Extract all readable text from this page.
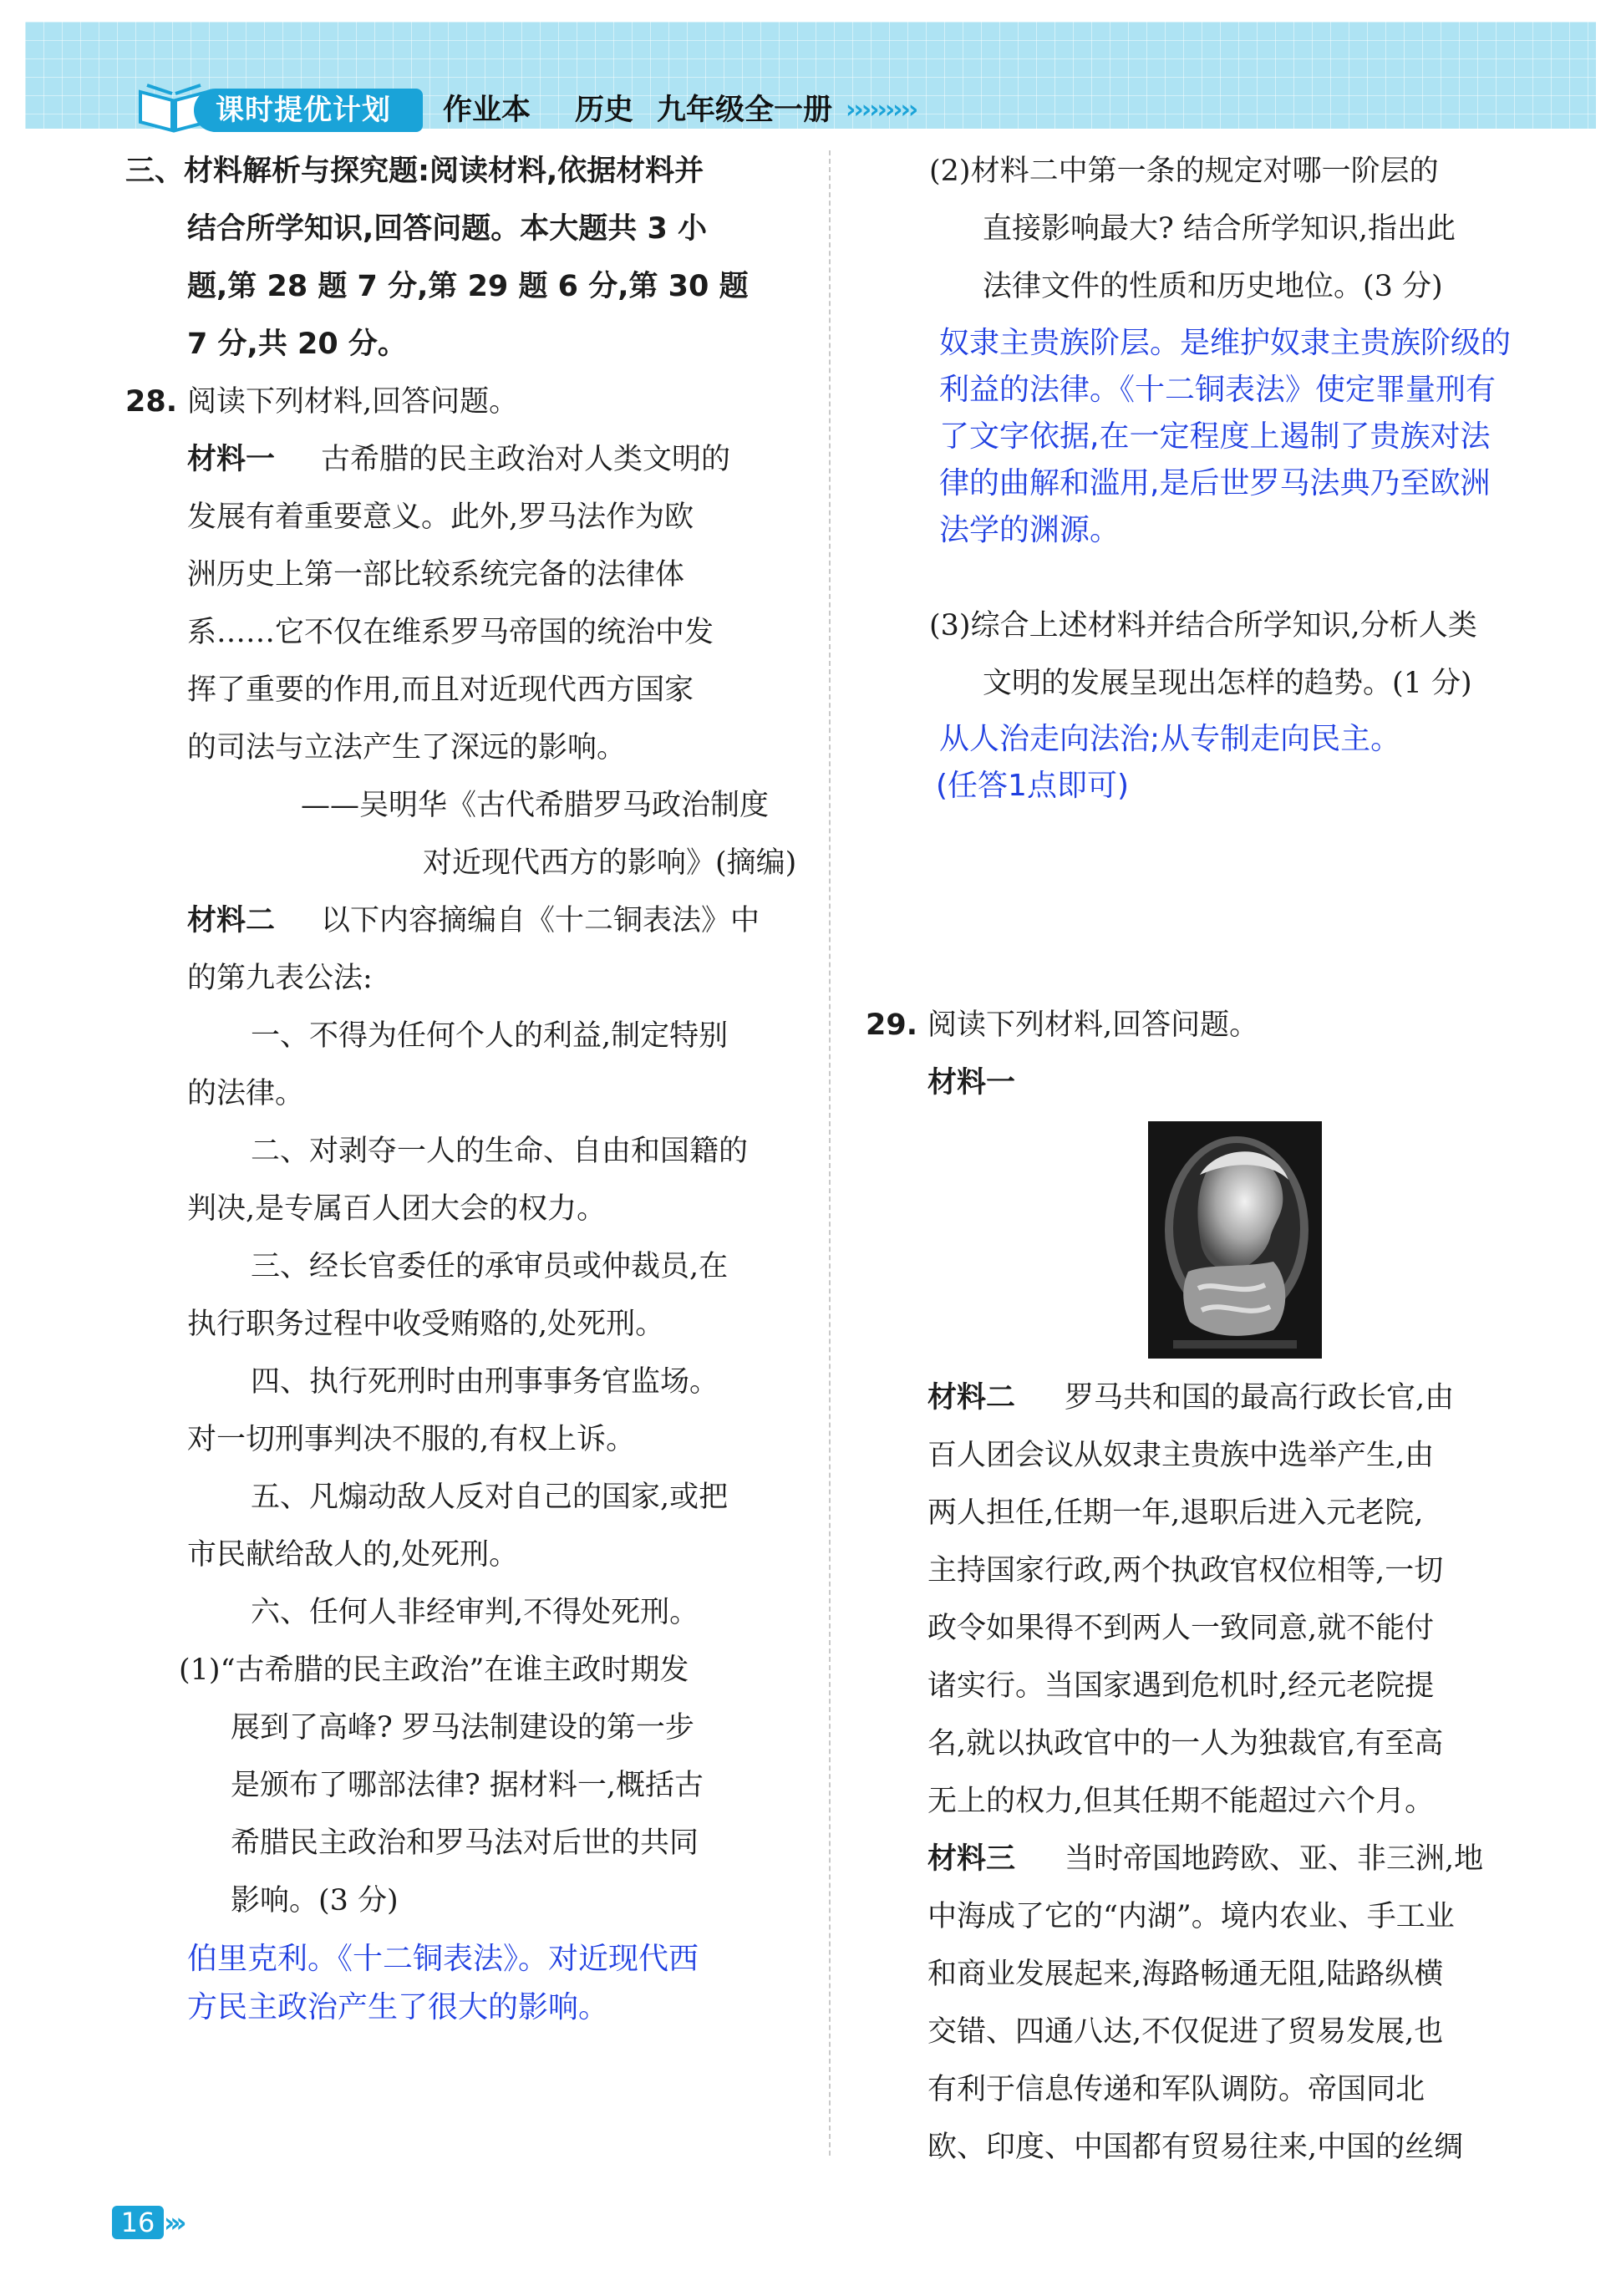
课时提优计划	作业本 历史 九年级全一册 ›››››››››
三、材料解析与探究题:阅读材料,依据材料并
结合所学知识,回答问题。本大题共 3 小
题,第 28 题 7 分,第 29 题 6 分,第 30 题
7 分,共 20 分。
28. 阅读下列材料,回答问题。
材料一 古希腊的民主政治对人类文明的
发展有着重要意义。此外,罗马法作为欧
洲历史上第一部比较系统完备的法律体
系……它不仅在维系罗马帝国的统治中发
挥了重要的作用,而且对近现代西方国家
的司法与立法产生了深远的影响。
——吴明华《古代希腊罗马政治制度
对近现代西方的影响》(摘编)
材料二 以下内容摘编自《十二铜表法》中
的第九表公法:
一、不得为任何个人的利益,制定特别
的法律。
二、对剥夺一人的生命、自由和国籍的
判决,是专属百人团大会的权力。
三、经长官委任的承审员或仲裁员,在
执行职务过程中收受贿赂的,处死刑。
四、执行死刑时由刑事事务官监场。
对一切刑事判决不服的,有权上诉。
五、凡煽动敌人反对自己的国家,或把
市民献给敌人的,处死刑。
六、任何人非经审判,不得处死刑。
(1)“古希腊的民主政治”在谁主政时期发
展到了高峰? 罗马法制建设的第一步
是颁布了哪部法律? 据材料一,概括古
希腊民主政治和罗马法对后世的共同
影响。(3 分)
伯里克利。《十二铜表法》。对近现代西
方民主政治产生了很大的影响。
(2)材料二中第一条的规定对哪一阶层的
直接影响最大? 结合所学知识,指出此
法律文件的性质和历史地位。(3 分)
奴隶主贵族阶层。是维护奴隶主贵族阶级的
利益的法律。《十二铜表法》使定罪量刑有
了文字依据,在一定程度上遏制了贵族对法
律的曲解和滥用,是后世罗马法典乃至欧洲
法学的渊源。
(3)综合上述材料并结合所学知识,分析人类
文明的发展呈现出怎样的趋势。(1 分)
从人治走向法治;从专制走向民主。
(任答1点即可)
29. 阅读下列材料,回答问题。
材料一
材料二 罗马共和国的最高行政长官,由
百人团会议从奴隶主贵族中选举产生,由
两人担任,任期一年,退职后进入元老院,
主持国家行政,两个执政官权位相等,一切
政令如果得不到两人一致同意,就不能付
诸实行。当国家遇到危机时,经元老院提
名,就以执政官中的一人为独裁官,有至高
无上的权力,但其任期不能超过六个月。
材料三 当时帝国地跨欧、亚、非三洲,地
中海成了它的“内湖”。境内农业、手工业
和商业发展起来,海路畅通无阻,陆路纵横
交错、四通八达,不仅促进了贸易发展,也
有利于信息传递和军队调防。帝国同北
欧、印度、中国都有贸易往来,中国的丝绸
16 ›››
